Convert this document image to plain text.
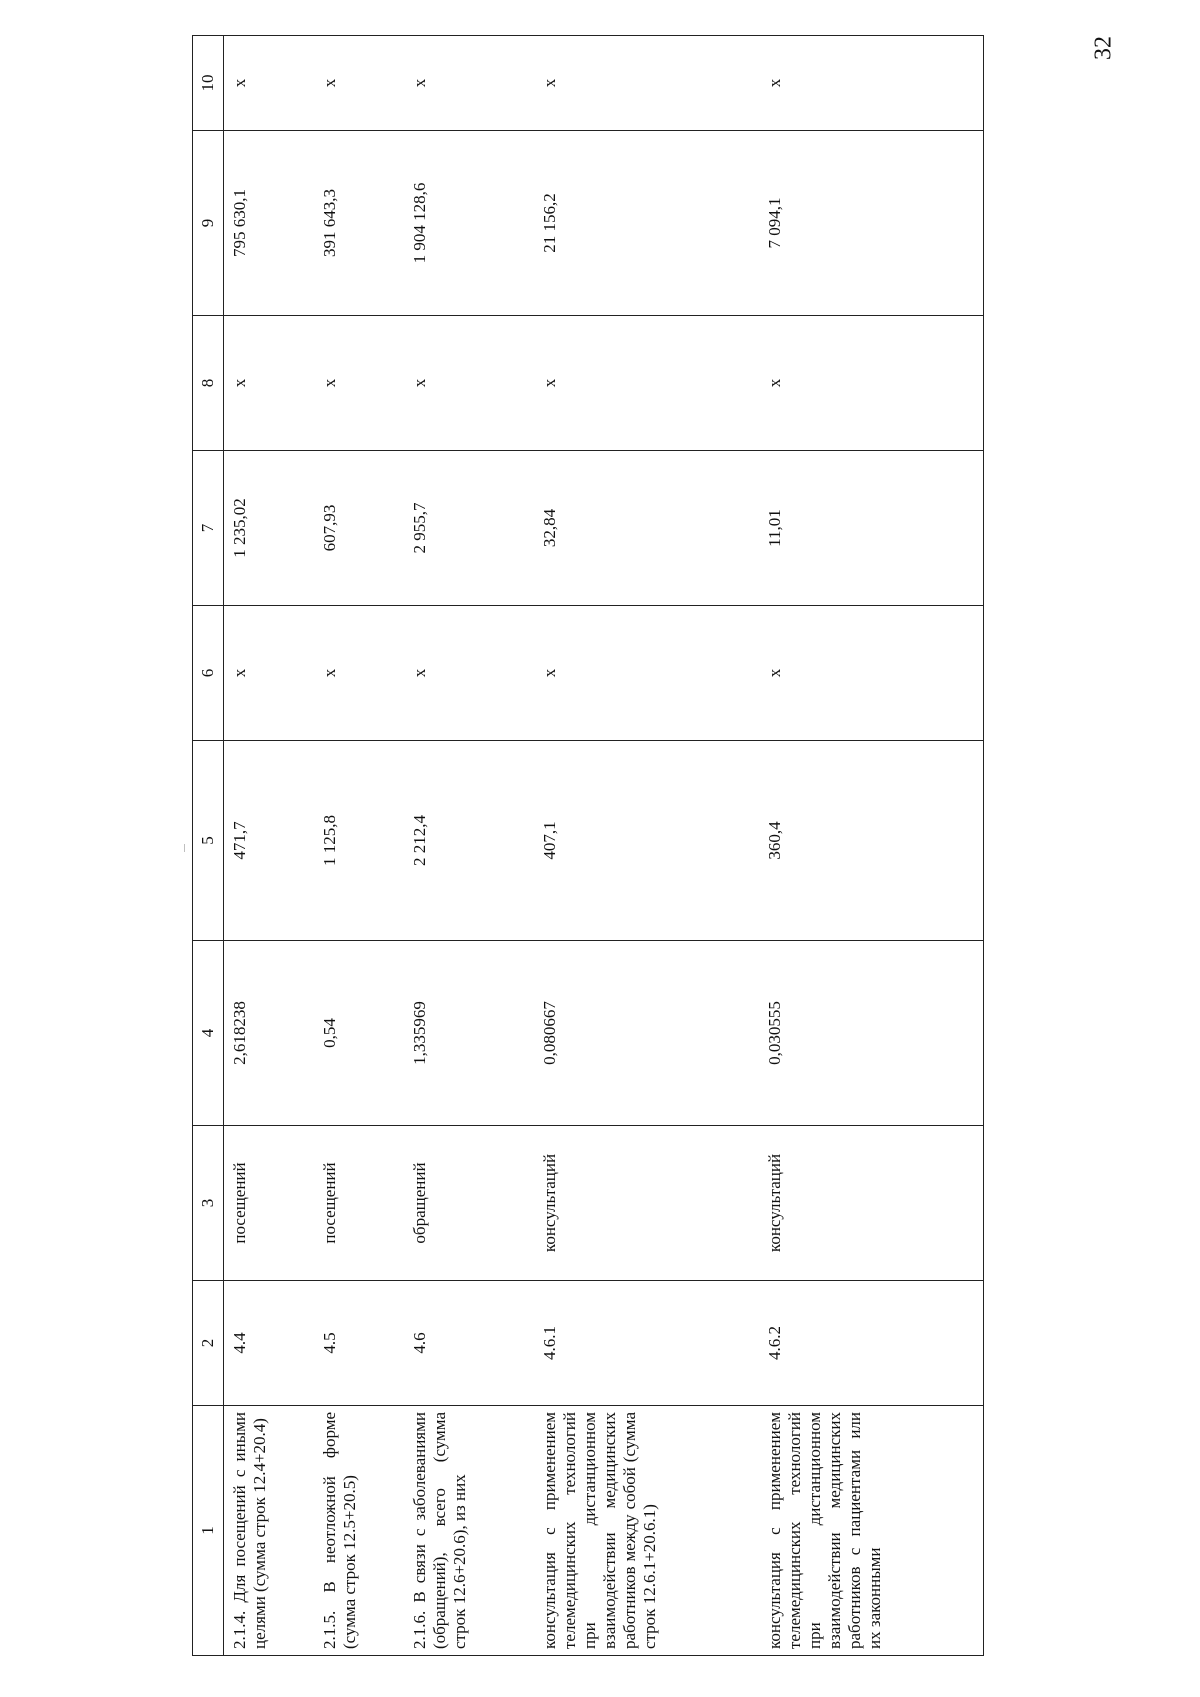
32
1	2	3	4	5	6	7	8	9	10
2.1.4. Для посещений с иными целями (сумма строк 12.4+20.4)	4.4	посещений	2,618238	471,7	x	1 235,02	x	795 630,1	x
2.1.5. В неотложной форме (сумма строк 12.5+20.5)	4.5	посещений	0,54	1 125,8	x	607,93	x	391 643,3	x
2.1.6. В связи с заболеваниями (обращений), всего (сумма строк 12.6+20.6), из них	4.6	обращений	1,335969	2 212,4	x	2 955,7	x	1 904 128,6	x
консультация с применением телемедицинских технологий при дистанционном взаимодействии медицинских работников между собой (сумма строк 12.6.1+20.6.1)	4.6.1	консультаций	0,080667	407,1	x	32,84	x	21 156,2	x
консультация с применением телемедицинских технологий при дистанционном взаимодействии медицинских работников с пациентами или их законными	4.6.2	консультаций	0,030555	360,4	x	11,01	x	7 094,1	x
